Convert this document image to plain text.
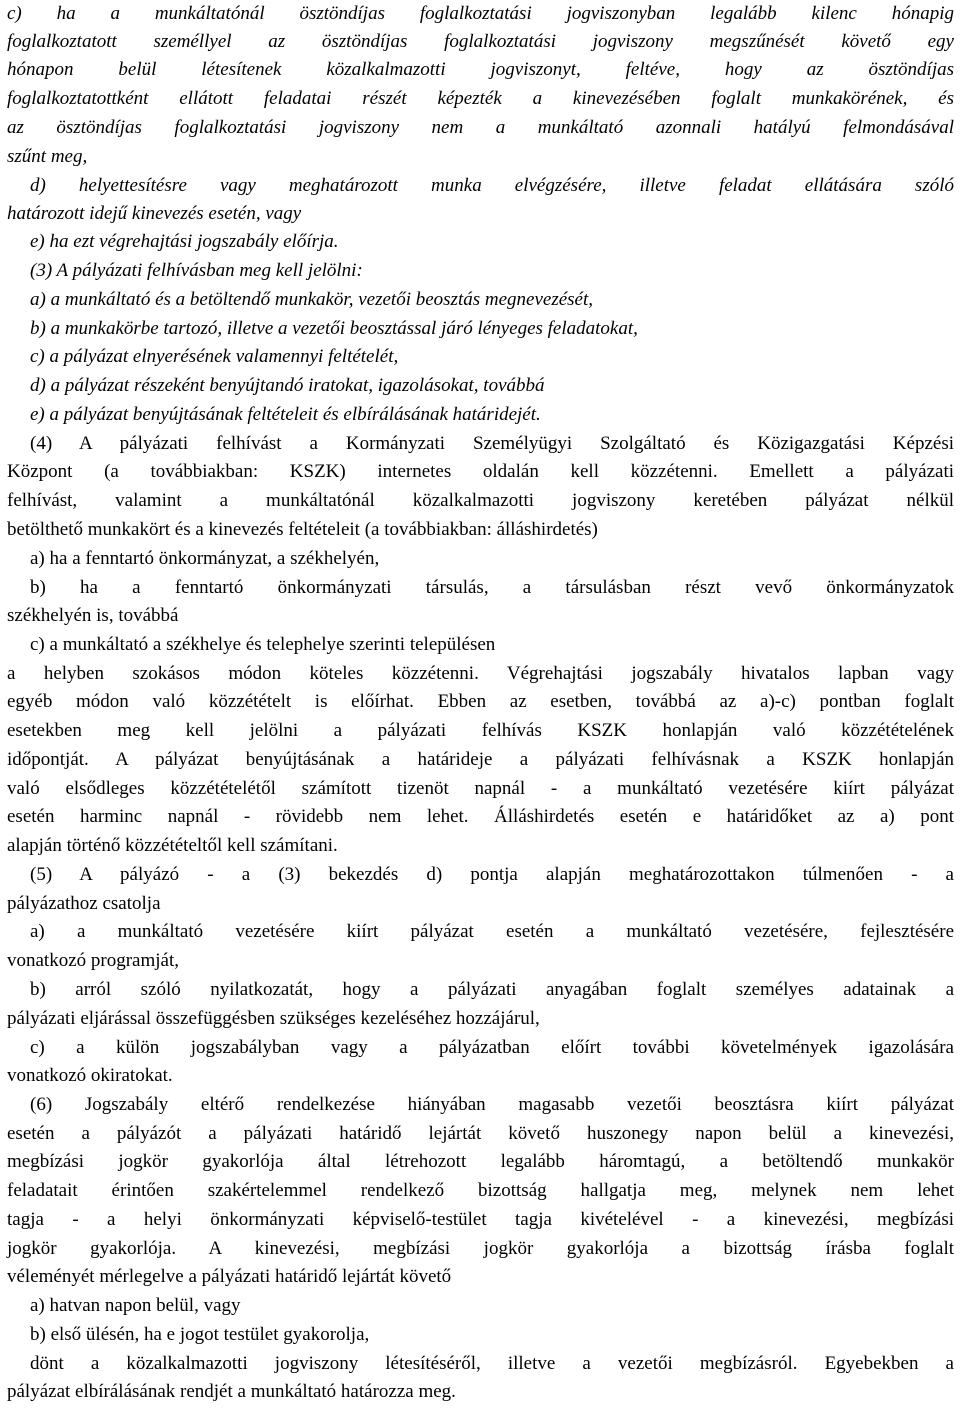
c) ha a munkáltatónál ösztöndíjas foglalkoztatási jogviszonyban legalább kilenc hónapig
foglalkoztatott személlyel az ösztöndíjas foglalkoztatási jogviszony megszűnését követő egy
hónapon belül létesítenek közalkalmazotti jogviszonyt, feltéve, hogy az ösztöndíjas
foglalkoztatottként ellátott feladatai részét képezték a kinevezésében foglalt munkakörének, és
az ösztöndíjas foglalkoztatási jogviszony nem a munkáltató azonnali hatályú felmondásával
szűnt meg,
d) helyettesítésre vagy meghatározott munka elvégzésére, illetve feladat ellátására szóló
határozott idejű kinevezés esetén, vagy
e) ha ezt végrehajtási jogszabály előírja.
(3) A pályázati felhívásban meg kell jelölni:
a) a munkáltató és a betöltendő munkakör, vezetői beosztás megnevezését,
b) a munkakörbe tartozó, illetve a vezetői beosztással járó lényeges feladatokat,
c) a pályázat elnyerésének valamennyi feltételét,
d) a pályázat részeként benyújtandó iratokat, igazolásokat, továbbá
e) a pályázat benyújtásának feltételeit és elbírálásának határidejét.
(4) A pályázati felhívást a Kormányzati Személyügyi Szolgáltató és Közigazgatási Képzési
Központ (a továbbiakban: KSZK) internetes oldalán kell közzétenni. Emellett a pályázati
felhívást, valamint a munkáltatónál közalkalmazotti jogviszony keretében pályázat nélkül
betölthető munkakört és a kinevezés feltételeit (a továbbiakban: álláshirdetés)
a) ha a fenntartó önkormányzat, a székhelyén,
b) ha a fenntartó önkormányzati társulás, a társulásban részt vevő önkormányzatok
székhelyén is, továbbá
c) a munkáltató a székhelye és telephelye szerinti településen
a helyben szokásos módon köteles közzétenni. Végrehajtási jogszabály hivatalos lapban vagy
egyéb módon való közzétételt is előírhat. Ebben az esetben, továbbá az a)-c) pontban foglalt
esetekben meg kell jelölni a pályázati felhívás KSZK honlapján való közzétételének
időpontját. A pályázat benyújtásának a határideje a pályázati felhívásnak a KSZK honlapján
való elsődleges közzétételétől számított tizenöt napnál - a munkáltató vezetésére kiírt pályázat
esetén harminc napnál - rövidebb nem lehet. Álláshirdetés esetén e határidőket az a) pont
alapján történő közzétételtől kell számítani.
(5) A pályázó - a (3) bekezdés d) pontja alapján meghatározottakon túlmenően - a
pályázathoz csatolja
a) a munkáltató vezetésére kiírt pályázat esetén a munkáltató vezetésére, fejlesztésére
vonatkozó programját,
b) arról szóló nyilatkozatát, hogy a pályázati anyagában foglalt személyes adatainak a
pályázati eljárással összefüggésben szükséges kezeléséhez hozzájárul,
c) a külön jogszabályban vagy a pályázatban előírt további követelmények igazolására
vonatkozó okiratokat.
(6) Jogszabály eltérő rendelkezése hiányában magasabb vezetői beosztásra kiírt pályázat
esetén a pályázót a pályázati határidő lejártát követő huszonegy napon belül a kinevezési,
megbízási jogkör gyakorlója által létrehozott legalább háromtagú, a betöltendő munkakör
feladatait érintően szakértelemmel rendelkező bizottság hallgatja meg, melynek nem lehet
tagja - a helyi önkormányzati képviselő-testület tagja kivételével - a kinevezési, megbízási
jogkör gyakorlója. A kinevezési, megbízási jogkör gyakorlója a bizottság írásba foglalt
véleményét mérlegelve a pályázati határidő lejártát követő
a) hatvan napon belül, vagy
b) első ülésén, ha e jogot testület gyakorolja,
dönt a közalkalmazotti jogviszony létesítéséről, illetve a vezetői megbízásról. Egyebekben a
pályázat elbírálásának rendjét a munkáltató határozza meg.
